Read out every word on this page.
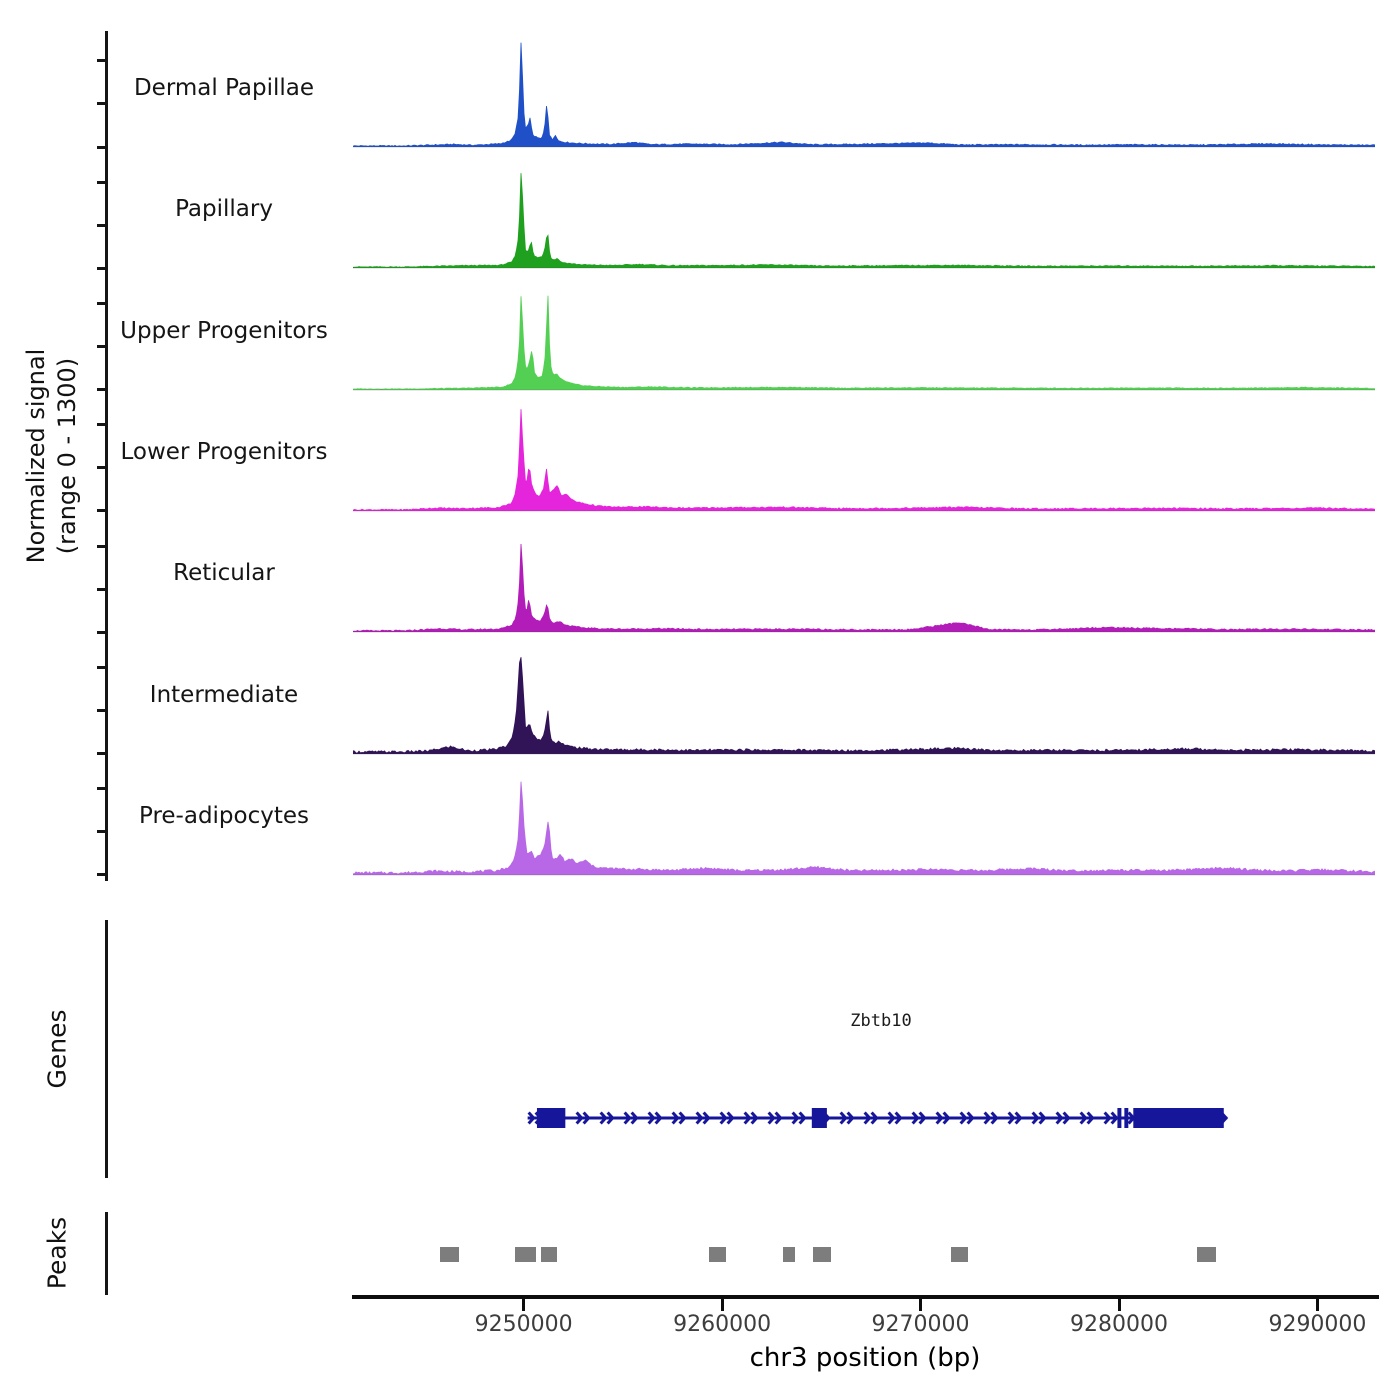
Normalized signal (range 0 - 1300)
Genes
Peaks
Zbtb10
chr3 position (bp)
Dermal Papillae
Papillary
Upper Progenitors
Lower Progenitors
Reticular
Intermediate
Pre-adipocytes
9250000	9260000	9270000	9280000	9290000
